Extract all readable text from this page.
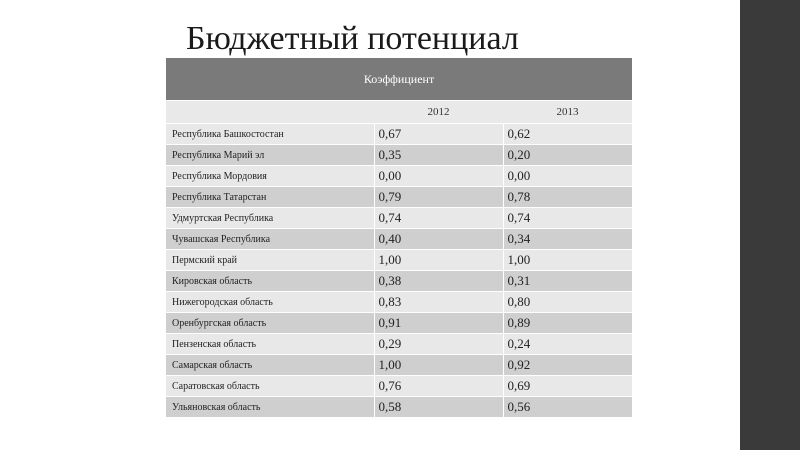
Бюджетный потенциал
Коэффициент		
	2012	2013
Республика Башкостостан	0,67	0,62
Республика Марий эл	0,35	0,20
Республика Мордовия	0,00	0,00
Республика Татарстан	0,79	0,78
Удмуртская Республика	0,74	0,74
Чувашская Республика	0,40	0,34
Пермский край	1,00	1,00
Кировская область	0,38	0,31
Нижегородская область	0,83	0,80
Оренбургская область	0,91	0,89
Пензенская область	0,29	0,24
Самарская область	1,00	0,92
Саратовская область	0,76	0,69
Ульяновская область	0,58	0,56
